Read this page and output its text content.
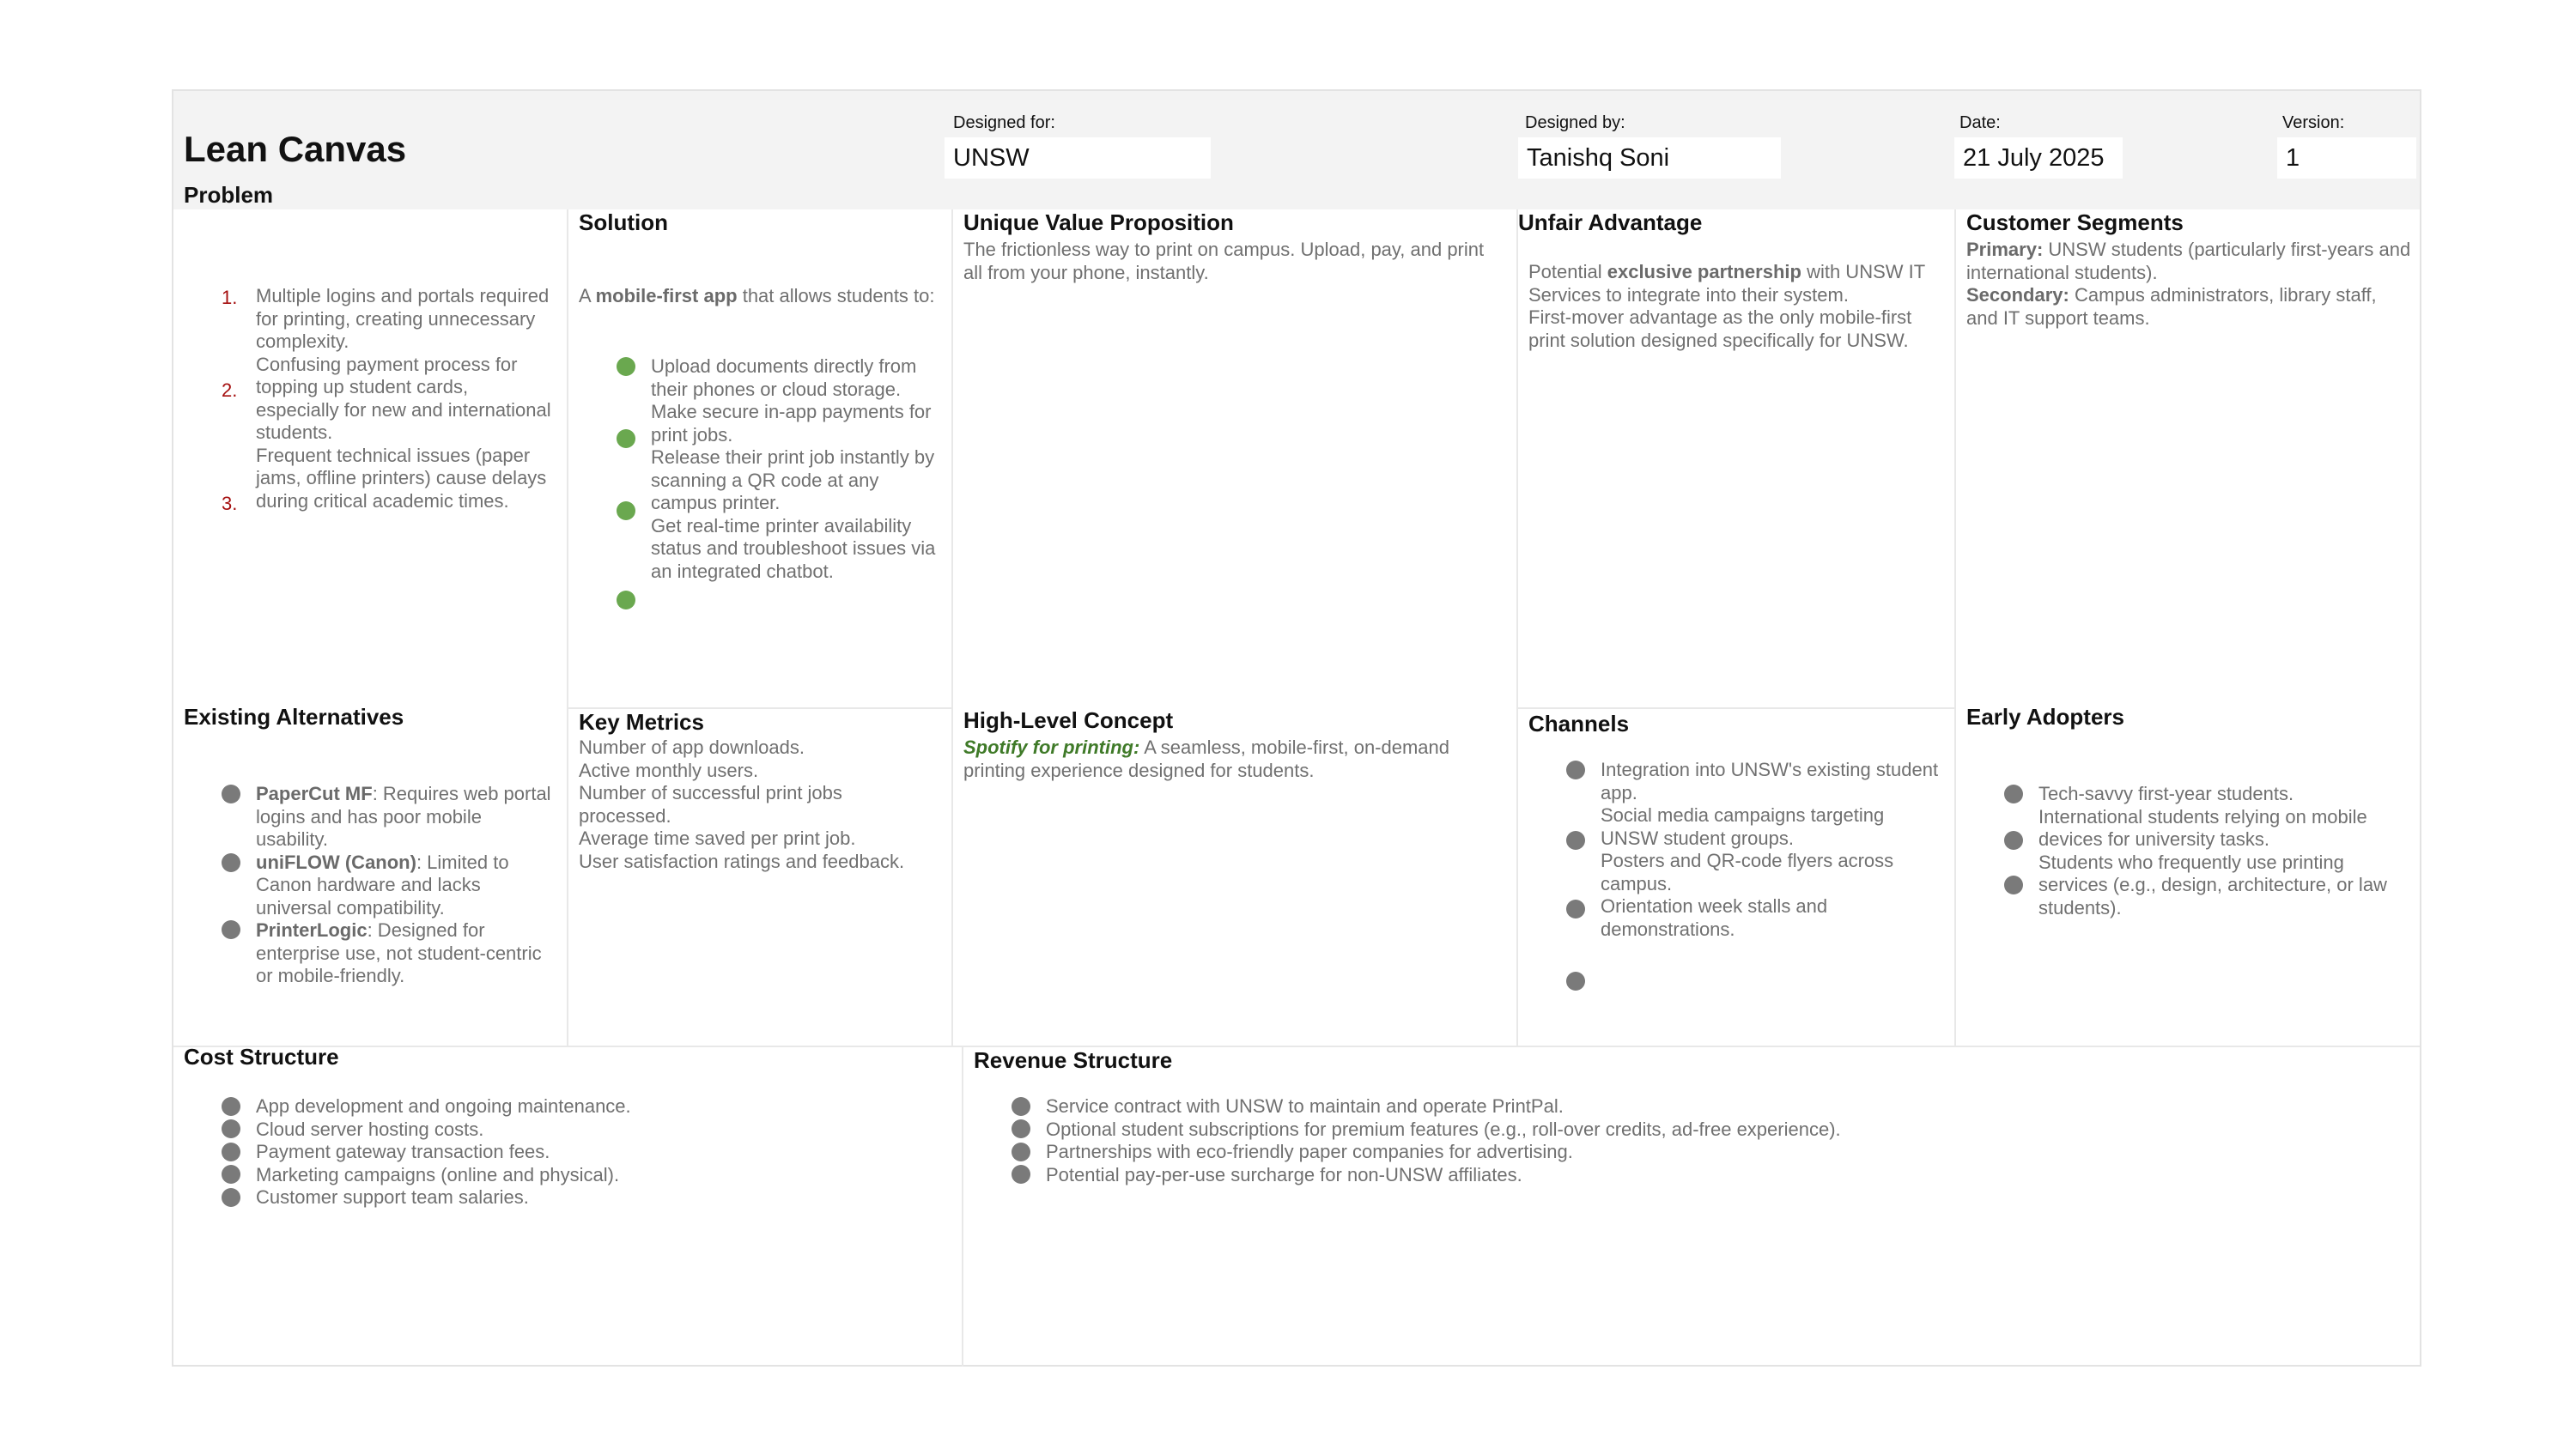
Lean Canvas
Designed for:
UNSW
Designed by:
Tanishq Soni
Date:
21 July 2025
Version:
1
Problem
1.
2.
3.
Multiple logins and portals required for printing, creating unnecessary complexity.
Confusing payment process for topping up student cards, especially for new and international students.
Frequent technical issues (paper jams, offline printers) cause delays during critical academic times.
Solution
A mobile-first app that allows students to:
Upload documents directly from their phones or cloud storage.
Make secure in-app payments for print jobs.
Release their print job instantly by scanning a QR code at any campus printer.
Get real-time printer availability status and troubleshoot issues via an integrated chatbot.
Unique Value Proposition
The frictionless way to print on campus. Upload, pay, and print all from your phone, instantly.
Unfair Advantage
Potential exclusive partnership with UNSW IT Services to integrate into their system.
First-mover advantage as the only mobile-first print solution designed specifically for UNSW.
Customer Segments
Primary: UNSW students (particularly first-years and international students).
Secondary: Campus administrators, library staff, and IT support teams.
Existing Alternatives
PaperCut MF: Requires web portal logins and has poor mobile usability.
uniFLOW (Canon): Limited to Canon hardware and lacks universal compatibility.
PrinterLogic: Designed for enterprise use, not student-centric or mobile-friendly.
Key Metrics
Number of app downloads.
Active monthly users.
Number of successful print jobs processed.
Average time saved per print job.
User satisfaction ratings and feedback.
High-Level Concept
Spotify for printing: A seamless, mobile-first, on-demand printing experience designed for students.
Channels
Integration into UNSW's existing student app.
Social media campaigns targeting UNSW student groups.
Posters and QR-code flyers across campus.
Orientation week stalls and demonstrations.
Early Adopters
Tech-savvy first-year students.
International students relying on mobile devices for university tasks.
Students who frequently use printing services (e.g., design, architecture, or law students).
Cost Structure
App development and ongoing maintenance.
Cloud server hosting costs.
Payment gateway transaction fees.
Marketing campaigns (online and physical).
Customer support team salaries.
Revenue Structure
Service contract with UNSW to maintain and operate PrintPal.
Optional student subscriptions for premium features (e.g., roll-over credits, ad-free experience).
Partnerships with eco-friendly paper companies for advertising.
Potential pay-per-use surcharge for non-UNSW affiliates.
